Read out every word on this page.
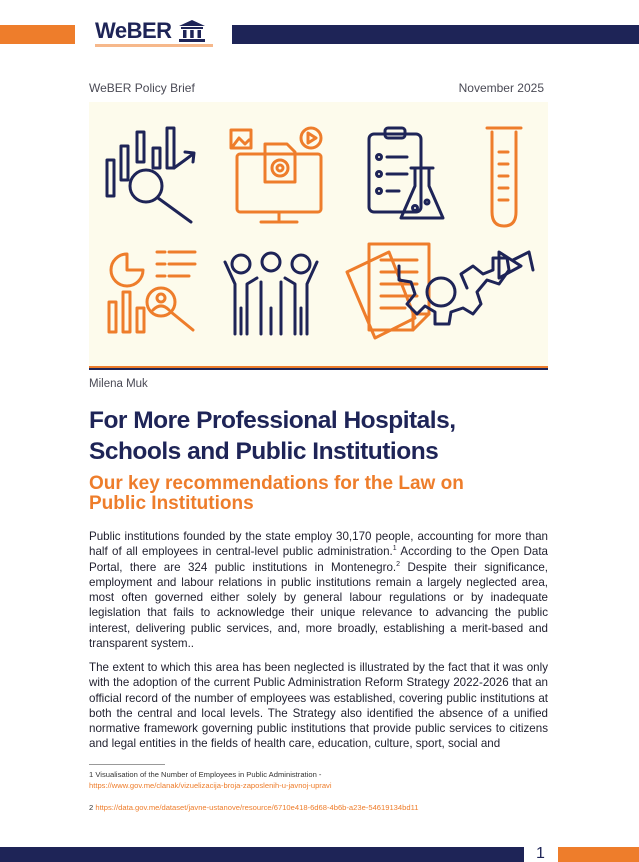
WeBER
WeBER Policy Brief	November 2025
Milena Muk
For More Professional Hospitals,
Schools and Public Institutions
Our key recommendations for the Law on
Public Institutions

Public institutions founded by the state employ 30,170 people, accounting for more than half of all employees in central-level public administration.$^1$ According to the Open Data Portal, there are 324 public institutions in Montenegro.$^2$ Despite their significance, employment and labour relations in public institutions remain a largely neglected area, most often governed either solely by general labour regulations or by inadequate legislation that fails to acknowledge their unique relevance to advancing the public interest, delivering public services, and, more broadly, establishing a merit-based and transparent system..

The extent to which this area has been neglected is illustrated by the fact that it was only with the adoption of the current Public Administration Reform Strategy 2022-2026 that an official record of the number of employees was established, covering public institutions at both the central and local levels. The Strategy also identified the absence of a unified normative framework governing public institutions that provide public services to citizens and legal entities in the fields of health care, education, culture, sport, social and

1 Visualisation of the Number of Employees in Public Administration -
https://www.gov.me/clanak/vizuelizacija-broja-zaposlenih-u-javnoj-upravi
2 https://data.gov.me/dataset/javne-ustanove/resource/6710e418-6d68-4b6b-a23e-54619134bd11
1
